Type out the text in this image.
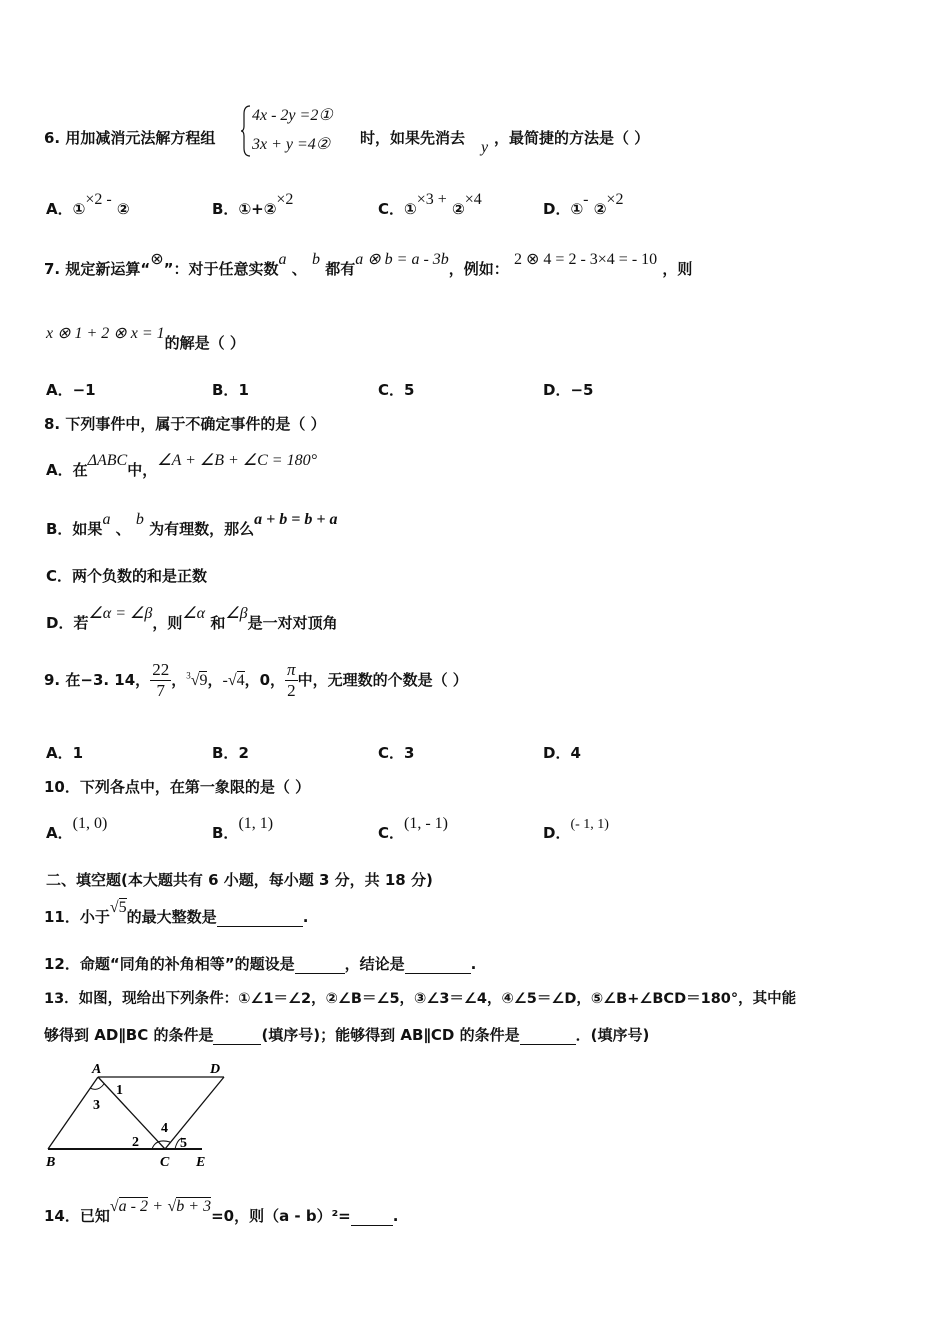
6. 用加减消元法解方程组
4x - 2y =2①
3x + y =4② 时，如果先消去
y
，最简捷的方法是（ ）
A．①×2 - ②	B．①+②×2
C．①×3 + ②×4
D．①- ②×2
7. 规定新运算“⊗”：对于任意实数a 、 b 都有a ⊗ b = a - 3b，例如： 2 ⊗ 4 = 2 - 3×4 = - 10 ，则
x ⊗ 1 + 2 ⊗ x = 1的解是（ ）
A．−1	B．1	C．5	D．−5
8. 下列事件中，属于不确定事件的是（ ）
A．在ΔABC中，∠A + ∠B + ∠C = 180°
B．如果a 、 b 为有理数，那么a + b = b + a
C．两个负数的和是正数
D．若∠α = ∠β，则∠α 和∠β是一对对顶角
9. 在−3. 14， $\frac{22}{7}$ ，$^3$√9，-√4，0， $\frac{\pi}{2}$ 中，无理数的个数是（ ）
A．1	B．2	C．3	D．4
10．下列各点中，在第一象限的是（ ）
A．(1, 0)
B．(1, 1)
C．(1, - 1)
D．(- 1, 1)
二、填空题(本大题共有 6 小题，每小题 3 分，共 18 分)
11．小于√5的最大整数是	.
12．命题“同角的补角相等”的题设是	，结论是	.
13．如图，现给出下列条件：①∠1＝∠2，②∠B＝∠5，③∠3＝∠4，④∠5＝∠D，⑤∠B+∠BCD＝180°，其中能
够得到 AD∥BC 的条件是	(填序号)；能够得到 AB∥CD 的条件是	．(填序号)
A	D
B	C E
1
3
2
4
5
14．已知√a - 2 + √b + 3=0，则（a - b）²=	.
